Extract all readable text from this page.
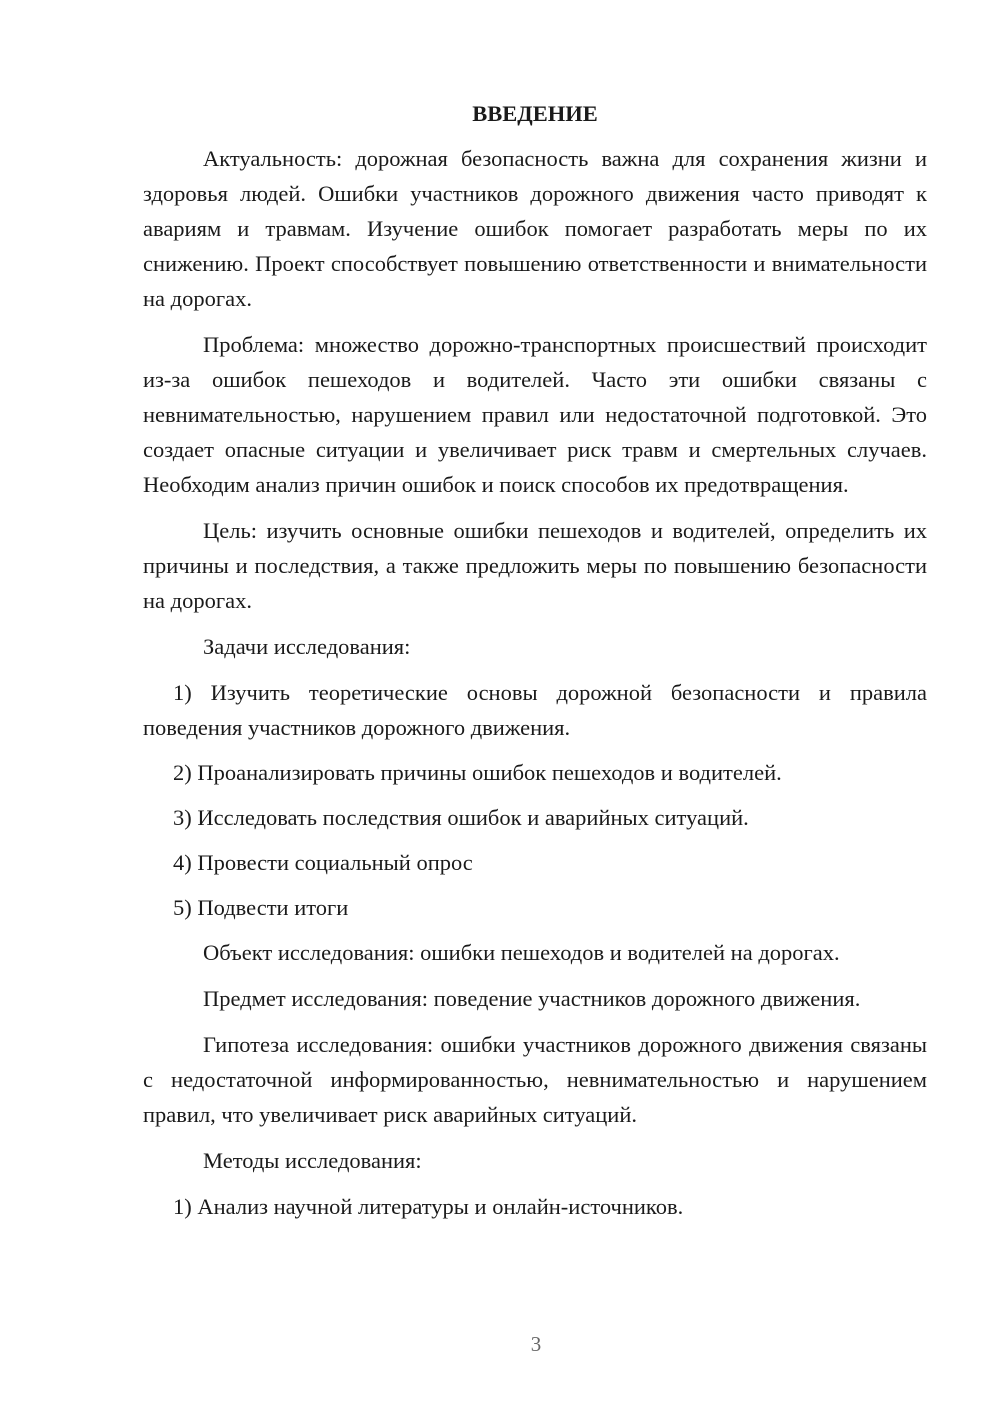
ВВЕДЕНИЕ

Актуальность: дорожная безопасность важна для сохранения жизни и здоровья людей. Ошибки участников дорожного движения часто приводят к авариям и травмам. Изучение ошибок помогает разработать меры по их снижению. Проект способствует повышению ответственности и внимательности на дорогах.

Проблема: множество дорожно-транспортных происшествий происходит из-за ошибок пешеходов и водителей. Часто эти ошибки связаны с невнимательностью, нарушением правил или недостаточной подготовкой. Это создает опасные ситуации и увеличивает риск травм и смертельных случаев. Необходим анализ причин ошибок и поиск способов их предотвращения.

Цель: изучить основные ошибки пешеходов и водителей, определить их причины и последствия, а также предложить меры по повышению безопасности на дорогах.

Задачи исследования:

1) Изучить теоретические основы дорожной безопасности и правила поведения участников дорожного движения.

2) Проанализировать причины ошибок пешеходов и водителей.

3) Исследовать последствия ошибок и аварийных ситуаций.

4) Провести социальный опрос

5) Подвести итоги

Объект исследования: ошибки пешеходов и водителей на дорогах.

Предмет исследования: поведение участников дорожного движения.

Гипотеза исследования: ошибки участников дорожного движения связаны с недостаточной информированностью, невнимательностью и нарушением правил, что увеличивает риск аварийных ситуаций.

Методы исследования:

1) Анализ научной литературы и онлайн-источников.

3
